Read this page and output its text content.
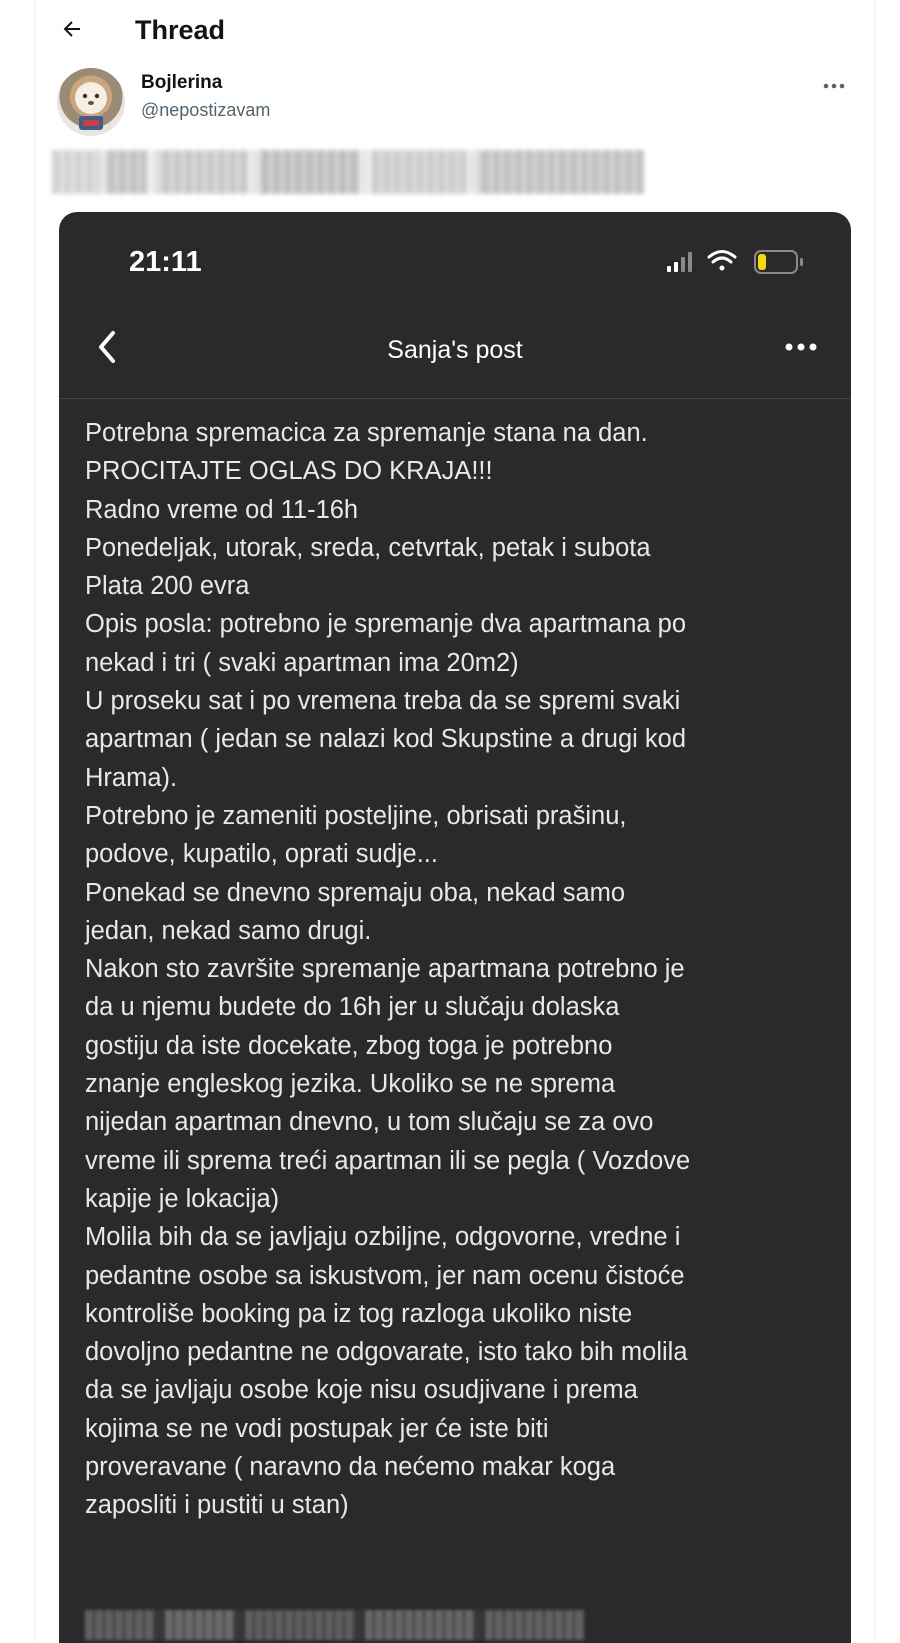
Thread
Bojlerina
@nepostizavam
21:11
Sanja's post
Potrebna spremacica za spremanje stana na dan.
PROCITAJTE OGLAS DO KRAJA!!!
Radno vreme od 11-16h
Ponedeljak, utorak, sreda, cetvrtak, petak i subota
Plata 200 evra
Opis posla: potrebno je spremanje dva apartmana po
nekad i tri ( svaki apartman ima 20m2)
U proseku sat i po vremena treba da se spremi svaki
apartman ( jedan se nalazi kod Skupstine a drugi kod
Hrama).
Potrebno je zameniti posteljine, obrisati prašinu,
podove, kupatilo, oprati sudje...
Ponekad se dnevno spremaju oba, nekad samo
jedan, nekad samo drugi.
Nakon sto završite spremanje apartmana potrebno je
da u njemu budete do 16h jer u slučaju dolaska
gostiju da iste docekate, zbog toga je potrebno
znanje engleskog jezika. Ukoliko se ne sprema
nijedan apartman dnevno, u tom slučaju se za ovo
vreme ili sprema treći apartman ili se pegla ( Vozdove
kapije je lokacija)
Molila bih da se javljaju ozbiljne, odgovorne, vredne i
pedantne osobe sa iskustvom, jer nam ocenu čistoće
kontroliše booking pa iz tog razloga ukoliko niste
dovoljno pedantne ne odgovarate, isto tako bih molila
da se javljaju osobe koje nisu osudjivane i prema
kojima se ne vodi postupak jer će iste biti
proveravane ( naravno da nećemo makar koga
zaposliti i pustiti u stan)
